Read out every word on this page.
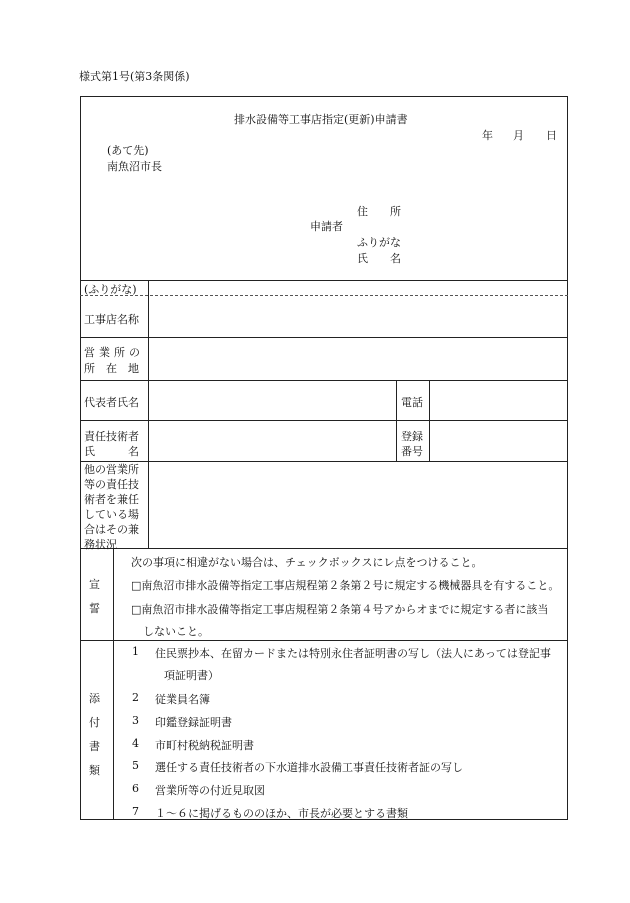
様式第1号(第3条関係)
排水設備等工事店指定(更新)申請書
年 月 日
(あて先)
南魚沼市長
住　　所
申請者
ふりがな
氏　　名
(ふりがな)
工事店名称
営業所の
所　在　地
代表者氏名	電話
責任技術者
氏　　　名
登録
番号
他の営業所等の責任技術者を兼任している場合はその兼務状況
宣
誓
次の事項に相違がない場合は、チェックボックスにレ点をつけること。
□南魚沼市排水設備等指定工事店規程第２条第２号に規定する機械器具を有すること。
□南魚沼市排水設備等指定工事店規程第２条第４号アからオまでに規定する者に該当
しないこと。
添
付
書
類
1 住民票抄本、在留カードまたは特別永住者証明書の写し（法人にあっては登記事
項証明書）
2 従業員名簿
3 印鑑登録証明書
4 市町村税納税証明書
5 選任する責任技術者の下水道排水設備工事責任技術者証の写し
6 営業所等の付近見取図
7 １～６に掲げるもののほか、市長が必要とする書類
